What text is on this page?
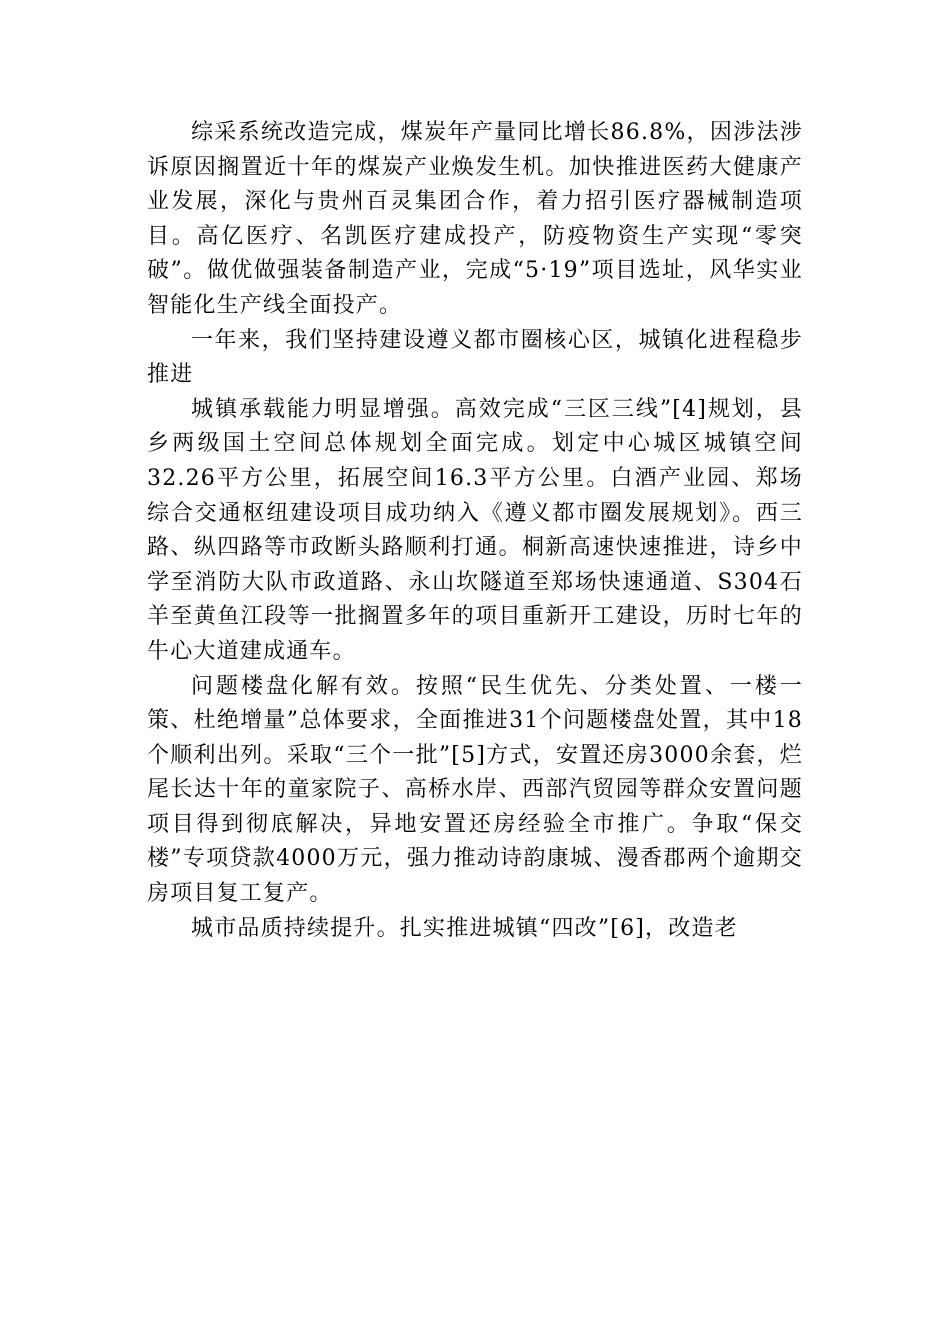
综采系统改造完成，煤炭年产量同比增长86.8%，因涉法涉诉原因搁置近十年的煤炭产业焕发生机。加快推进医药大健康产业发展，深化与贵州百灵集团合作，着力招引医疗器械制造项目。高亿医疗、名凯医疗建成投产，防疫物资生产实现“零突破”。做优做强装备制造产业，完成“5·19”项目选址，风华实业智能化生产线全面投产。

一年来，我们坚持建设遵义都市圈核心区，城镇化进程稳步推进

城镇承载能力明显增强。高效完成“三区三线”[4]规划，县乡两级国土空间总体规划全面完成。划定中心城区城镇空间32.26平方公里，拓展空间16.3平方公里。白酒产业园、郑场综合交通枢纽建设项目成功纳入《遵义都市圈发展规划》。西三路、纵四路等市政断头路顺利打通。桐新高速快速推进，诗乡中学至消防大队市政道路、永山坎隧道至郑场快速通道、S304石羊至黄鱼江段等一批搁置多年的项目重新开工建设，历时七年的牛心大道建成通车。

问题楼盘化解有效。按照“民生优先、分类处置、一楼一策、杜绝增量”总体要求，全面推进31个问题楼盘处置，其中18个顺利出列。采取“三个一批”[5]方式，安置还房3000余套，烂尾长达十年的童家院子、高桥水岸、西部汽贸园等群众安置问题项目得到彻底解决，异地安置还房经验全市推广。争取“保交楼”专项贷款4000万元，强力推动诗韵康城、漫香郡两个逾期交房项目复工复产。

城市品质持续提升。扎实推进城镇“四改”[6]，改造老
